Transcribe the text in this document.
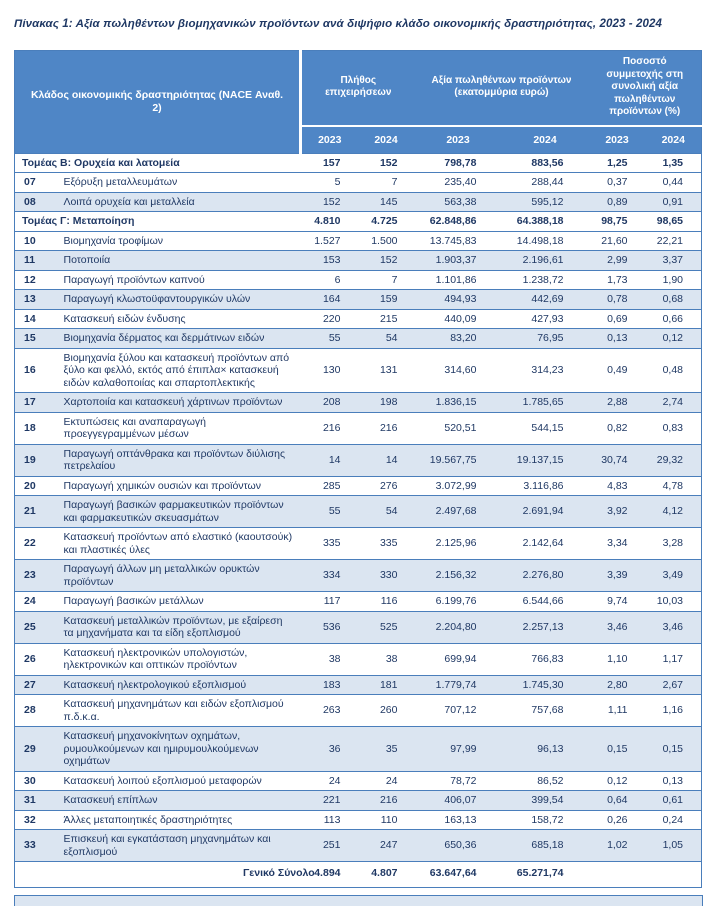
Πίνακας 1: Αξία πωληθέντων βιομηχανικών προϊόντων ανά διψήφιο κλάδο οικονομικής δραστηριότητας, 2023 - 2024
Κλάδος οικονομικής δραστηριότητας (NACE Αναθ. 2)		Πλήθος επιχειρήσεων		Αξία πωληθέντων προϊόντων (εκατομμύρια ευρώ)		Ποσοστό συμμετοχής στη συνολική αξία πωληθέντων προϊόντων (%)	
		2023	2024	2023	2024	2023	2024
Τομέας Β: Ορυχεία και λατομεία		157	152	798,78	883,56	1,25	1,35
07	Εξόρυξη μεταλλευμάτων	5	7	235,40	288,44	0,37	0,44
08	Λοιπά ορυχεία και μεταλλεία	152	145	563,38	595,12	0,89	0,91
Τομέας Γ: Μεταποίηση		4.810	4.725	62.848,86	64.388,18	98,75	98,65
10	Βιομηχανία τροφίμων	1.527	1.500	13.745,83	14.498,18	21,60	22,21
11	Ποτοποιία	153	152	1.903,37	2.196,61	2,99	3,37
12	Παραγωγή προϊόντων καπνού	6	7	1.101,86	1.238,72	1,73	1,90
13	Παραγωγή κλωστοϋφαντουργικών υλών	164	159	494,93	442,69	0,78	0,68
14	Κατασκευή ειδών ένδυσης	220	215	440,09	427,93	0,69	0,66
15	Βιομηχανία δέρματος και δερμάτινων ειδών	55	54	83,20	76,95	0,13	0,12
16	Βιομηχανία ξύλου και κατασκευή προϊόντων από ξύλο και φελλό, εκτός από έπιπλα× κατασκευή ειδών καλαθοποιίας και σπαρτοπλεκτικής	130	131	314,60	314,23	0,49	0,48
17	Χαρτοποιία και κατασκευή χάρτινων προϊόντων	208	198	1.836,15	1.785,65	2,88	2,74
18	Εκτυπώσεις και αναπαραγωγή προεγγεγραμμένων μέσων	216	216	520,51	544,15	0,82	0,83
19	Παραγωγή οπτάνθρακα και προϊόντων διύλισης πετρελαίου	14	14	19.567,75	19.137,15	30,74	29,32
20	Παραγωγή χημικών ουσιών και προϊόντων	285	276	3.072,99	3.116,86	4,83	4,78
21	Παραγωγή βασικών φαρμακευτικών προϊόντων και φαρμακευτικών σκευασμάτων	55	54	2.497,68	2.691,94	3,92	4,12
22	Κατασκευή προϊόντων από ελαστικό (καουτσούκ) και πλαστικές ύλες	335	335	2.125,96	2.142,64	3,34	3,28
23	Παραγωγή άλλων μη μεταλλικών ορυκτών προϊόντων	334	330	2.156,32	2.276,80	3,39	3,49
24	Παραγωγή βασικών μετάλλων	117	116	6.199,76	6.544,66	9,74	10,03
25	Κατασκευή μεταλλικών προϊόντων, με εξαίρεση τα μηχανήματα και τα είδη εξοπλισμού	536	525	2.204,80	2.257,13	3,46	3,46
26	Κατασκευή ηλεκτρονικών υπολογιστών, ηλεκτρονικών και οπτικών προϊόντων	38	38	699,94	766,83	1,10	1,17
27	Κατασκευή ηλεκτρολογικού εξοπλισμού	183	181	1.779,74	1.745,30	2,80	2,67
28	Κατασκευή μηχανημάτων και ειδών εξοπλισμού π.δ.κ.α.	263	260	707,12	757,68	1,11	1,16
29	Κατασκευή μηχανοκίνητων οχημάτων, ρυμουλκούμενων και ημιρυμουλκούμενων οχημάτων	36	35	97,99	96,13	0,15	0,15
30	Κατασκευή λοιπού εξοπλισμού μεταφορών	24	24	78,72	86,52	0,12	0,13
31	Κατασκευή επίπλων	221	216	406,07	399,54	0,64	0,61
32	Άλλες μεταποιητικές δραστηριότητες	113	110	163,13	158,72	0,26	0,24
33	Επισκευή και εγκατάσταση μηχανημάτων και εξοπλισμού	251	247	650,36	685,18	1,02	1,05
Γενικό Σύνολο		4.894	4.807	63.647,64	65.271,74		
